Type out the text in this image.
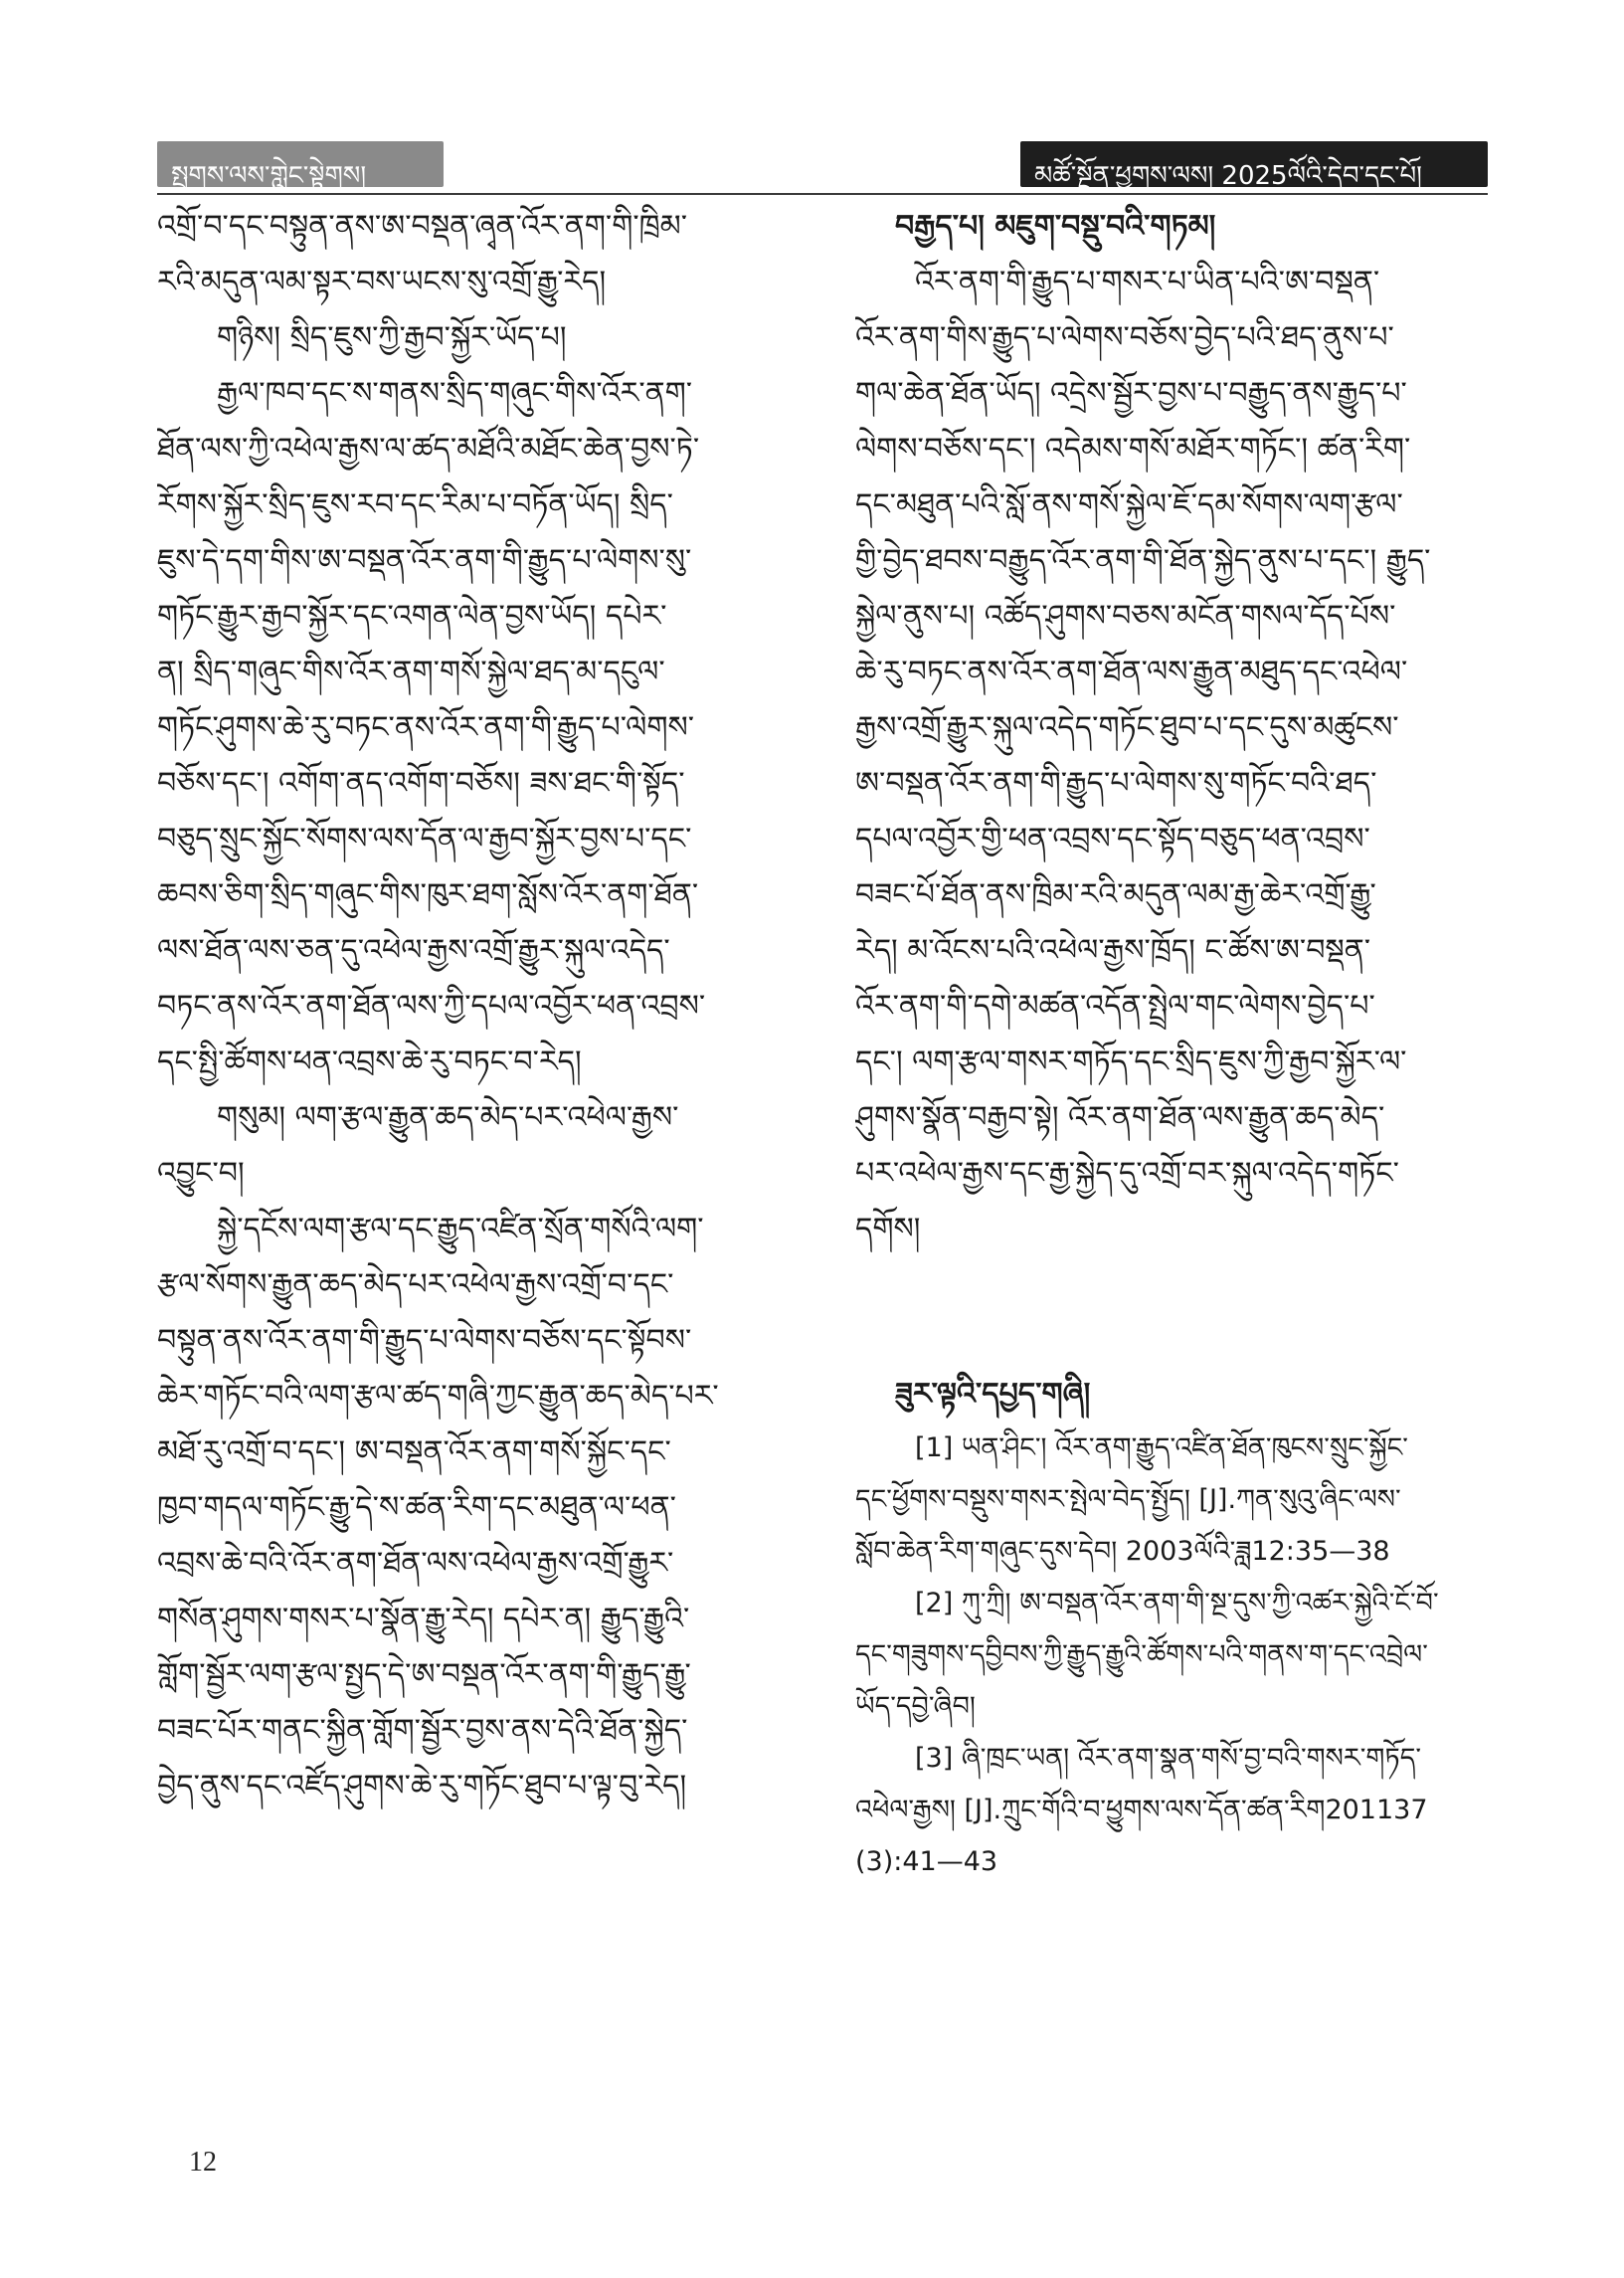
སྤྱགས་ལས་གླེང་སྟེགས།	མཚོ་སྔོན་ཕྱུགས་ལས། 2025ལོའི་དེབ་དང་པོ།
འགྲོ་བ་དང་བསྟུན་ནས་ཨ་བསྡན་ཞྭན་འོར་ནག་གི་ཁྲིམ་
རའི་མདུན་ལམ་སྟར་བས་ཡངས་སུ་འགྲོ་རྒྱུ་རེད།
གཉིས། སྲིད་ཇུས་ཀྱི་རྒྱབ་སྐྱོར་ཡོད་པ།
རྒྱལ་ཁབ་དང་ས་གནས་སྲིད་གཞུང་གིས་འོར་ནག་
ཐོན་ལས་ཀྱི་འཕེལ་རྒྱས་ལ་ཚད་མཐོའི་མཐོང་ཆེན་བྱས་ཏེ་
རོགས་སྐྱོར་སྲིད་ཇུས་རབ་དང་རིམ་པ་བཏོན་ཡོད། སྲིད་
ཇུས་དེ་དག་གིས་ཨ་བསྡན་འོར་ནག་གི་རྒྱུད་པ་ལེགས་སུ་
གཏོང་རྒྱུར་རྒྱབ་སྐྱོར་དང་འགན་ལེན་བྱས་ཡོད། དཔེར་
ན། སྲིད་གཞུང་གིས་འོར་ནག་གསོ་སྐྱེལ་ཐད་མ་དངུལ་
གཏོང་ཤུགས་ཆེ་རུ་བཏང་ནས་འོར་ནག་གི་རྒྱུད་པ་ལེགས་
བཅོས་དང་། འགོག་ནད་འགོག་བཅོས། ཟས་ཐང་གི་སྟོད་
བཅུད་སྲུང་སྐྱོང་སོགས་ལས་དོན་ལ་རྒྱབ་སྐྱོར་བྱས་པ་དང་
ཆབས་ཅིག་སྲིད་གཞུང་གིས་ཁུར་ཐག་སློས་འོར་ནག་ཐོན་
ལས་ཐོན་ལས་ཅན་དུ་འཕེལ་རྒྱས་འགྲོ་རྒྱུར་སྐུལ་འདེད་
བཏང་ནས་འོར་ནག་ཐོན་ལས་ཀྱི་དཔལ་འབྱོར་ཕན་འབྲས་
དང་སྤྱི་ཚོགས་ཕན་འབྲས་ཆེ་རུ་བཏང་བ་རེད།
གསུམ། ལག་རྩལ་རྒྱུན་ཆད་མེད་པར་འཕེལ་རྒྱས་
འབྱུང་བ།
སྐྱེ་དངོས་ལག་རྩལ་དང་རྒྱུད་འཛིན་སྲོན་གསོའི་ལག་
རྩལ་སོགས་རྒྱུན་ཆད་མེད་པར་འཕེལ་རྒྱས་འགྲོ་བ་དང་
བསྟུན་ནས་འོར་ནག་གི་རྒྱུད་པ་ལེགས་བཅོས་དང་སྟོབས་
ཆེར་གཏོང་བའི་ལག་རྩལ་ཚད་གཞི་ཀྱང་རྒྱུན་ཆད་མེད་པར་
མཐོ་རུ་འགྲོ་བ་དང་། ཨ་བསྡན་འོར་ནག་གསོ་སྐྱོང་དང་
ཁྱབ་གདལ་གཏོང་རྒྱུ་དེ་ས་ཚན་རིག་དང་མཐུན་ལ་ཕན་
འབྲས་ཆེ་བའི་འོར་ནག་ཐོན་ལས་འཕེལ་རྒྱས་འགྲོ་རྒྱུར་
གསོན་ཤུགས་གསར་པ་སྣོན་རྒྱུ་རེད། དཔེར་ན། རྒྱུད་རྒྱུའི་
གློག་སྦྱོར་ལག་རྩལ་སྤྱད་དེ་ཨ་བསྡན་འོར་ནག་གི་རྒྱུད་རྒྱུ་
བཟང་པོར་གནང་སྐྱིན་གློག་སྦྱོར་བྱས་ནས་དེའི་ཐོན་སྐྱེད་
བྱེད་ནུས་དང་འཛོད་ཤུགས་ཆེ་རུ་གཏོང་ཐུབ་པ་ལྟ་བུ་རེད།
བརྒྱད་པ། མཇུག་བསྡུ་བའི་གཏམ།
འོར་ནག་གི་རྒྱུད་པ་གསར་པ་ཡིན་པའི་ཨ་བསྡན་
འོར་ནག་གིས་རྒྱུད་པ་ལེགས་བཅོས་བྱེད་པའི་ཐད་ནུས་པ་
གལ་ཆེན་ཐོན་ཡོད། འདྲེས་སྦྱོར་བྱས་པ་བརྒྱུད་ནས་རྒྱུད་པ་
ལེགས་བཅོས་དང་། འདེམས་གསོ་མཐོར་གཏོང་། ཚན་རིག་
དང་མཐུན་པའི་སློ་ནས་གསོ་སྐྱེལ་ཇོ་དམ་སོགས་ལག་རྩལ་
གྱི་བྱེད་ཐབས་བརྒྱུད་འོར་ནག་གི་ཐོན་སྐྱེད་ནུས་པ་དང་། རྒྱུད་
སྐྱེལ་ནུས་པ། འཚོད་ཤུགས་བཅས་མངོན་གསལ་དོད་པོས་
ཆེ་རུ་བཏང་ནས་འོར་ནག་ཐོན་ལས་རྒྱུན་མཐུད་དང་འཕེལ་
རྒྱས་འགྲོ་རྒྱུར་སྐུལ་འདེད་གཏོང་ཐུབ་པ་དང་དུས་མཚུངས་
ཨ་བསྡན་འོར་ནག་གི་རྒྱུད་པ་ལེགས་སུ་གཏོང་བའི་ཐད་
དཔལ་འབྱོར་གྱི་ཕན་འབྲས་དང་སྟོད་བཅུད་ཕན་འབྲས་
བཟང་པོ་ཐོན་ནས་ཁྲིམ་རའི་མདུན་ལམ་རྒྱ་ཆེར་འགྲོ་རྒྱུ་
རེད། མ་འོངས་པའི་འཕེལ་རྒྱས་ཁྲོད། ང་ཚོས་ཨ་བསྡན་
འོར་ནག་གི་དགེ་མཚན་འདོན་སྤྲེལ་གང་ལེགས་བྱེད་པ་
དང་། ལག་རྩལ་གསར་གཏོད་དང་སྲིད་ཇུས་ཀྱི་རྒྱབ་སྐྱོར་ལ་
ཤུགས་སྣོན་བརྒྱབ་སྟེ། འོར་ནག་ཐོན་ལས་རྒྱུན་ཆད་མེད་
པར་འཕེལ་རྒྱས་དང་རྒྱ་སྐྱེད་དུ་འགྲོ་བར་སྐུལ་འདེད་གཏོང་
དགོས།
ཟུར་ལྟའི་དཔྱད་གཞི།
[1] ཡན་ཤིང་། འོར་ནག་རྒྱུད་འཛིན་ཐོན་ཁུངས་སྲུང་སྐྱོང་
དང་ཕྱོགས་བསྡུས་གསར་སྤེལ་བེད་སྤྱོད། [J].ཀན་སུའུ་ཞིང་ལས་
སློབ་ཆེན་རིག་གཞུང་དུས་དེབ། 2003ལོའི་ཟླ12:35—38
[2] ཀུ་ཀྲི། ཨ་བསྡན་འོར་ནག་གི་སྔ་དུས་ཀྱི་འཚར་སྐྱེའི་ངོ་བོ་
དང་གཟུགས་དབྱིབས་ཀྱི་རྒྱུད་རྒྱུའི་ཚོགས་པའི་གནས་ག་དང་འབྲེལ་
ཡོད་དབྱེ་ཞིབ།
[3] ཞི་ཁྲང་ཡན། འོར་ནག་སྣན་གསོ་བྱ་བའི་གསར་གཏོད་
འཕེལ་རྒྱས། [J].ཀྲུང་གོའི་བ་ཕྱུགས་ལས་དོན་ཚན་རིག201137
(3):41—43
12
